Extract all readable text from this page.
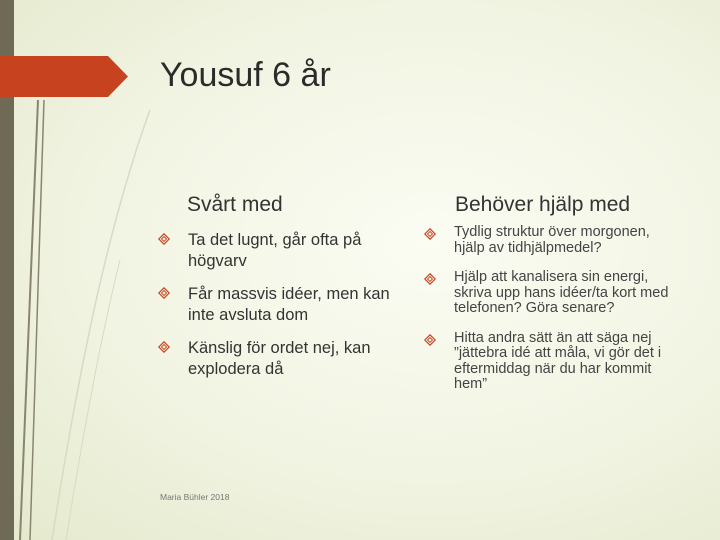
Yousuf 6 år
Svårt med	Behöver hjälp med
Ta det lugnt, går ofta på högvarv
Får massvis idéer, men kan inte avsluta dom
Känslig för ordet nej, kan explodera då
Tydlig struktur över morgonen, hjälp av tidhjälpmedel?
Hjälp att kanalisera sin energi, skriva upp hans idéer/ta kort med telefonen? Göra senare?
Hitta andra sätt än att säga nej ”jättebra idé att måla, vi gör det i eftermiddag när du har kommit hem”
Maria Bühler 2018
